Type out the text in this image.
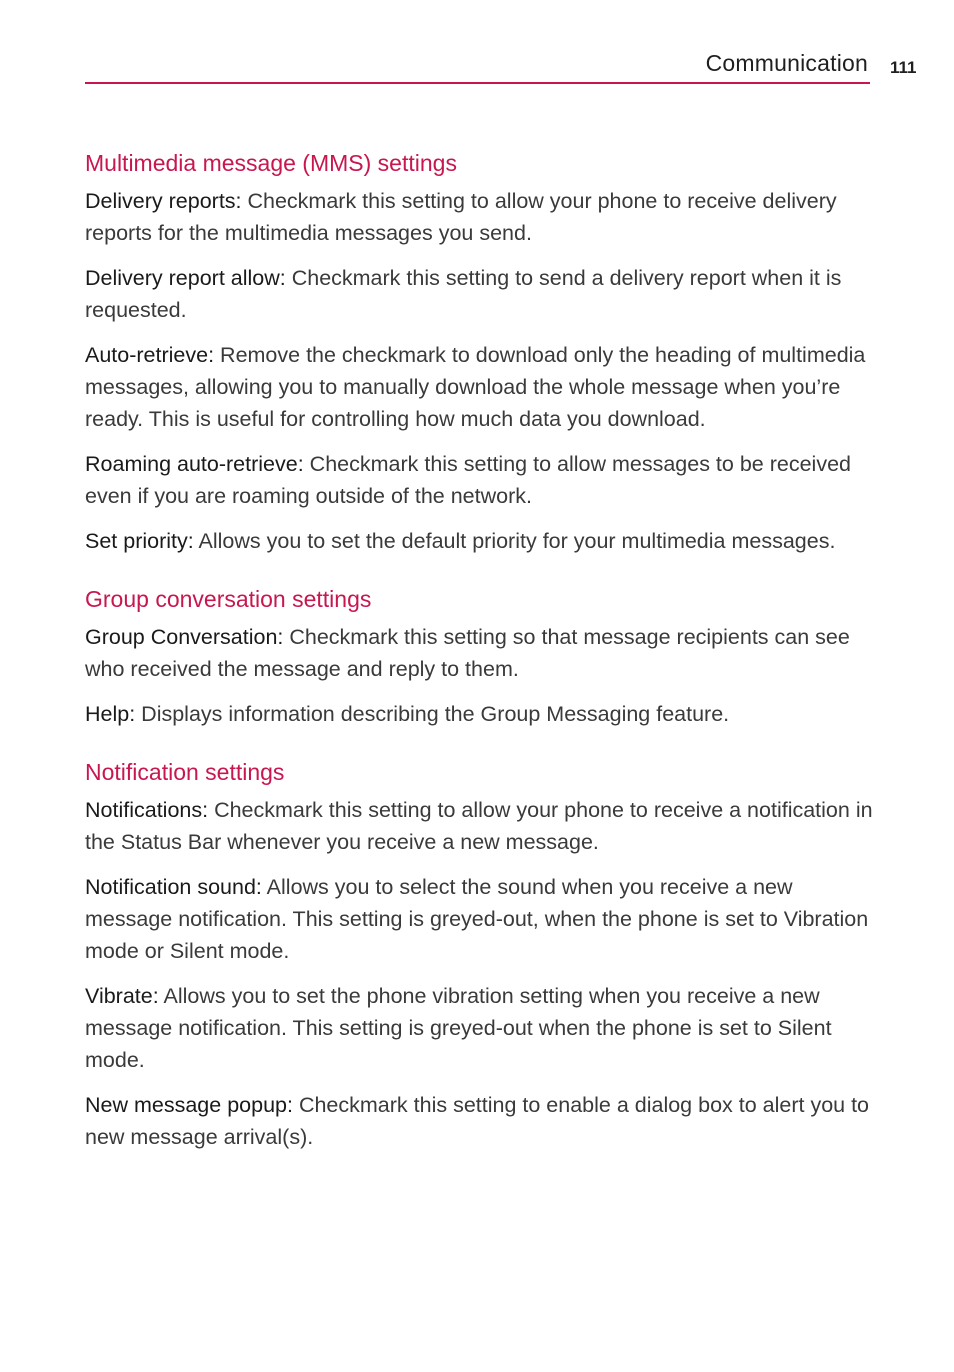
Communication 111
Multimedia message (MMS) settings

Delivery reports: Checkmark this setting to allow your phone to receive delivery reports for the multimedia messages you send.

Delivery report allow: Checkmark this setting to send a delivery report when it is requested.

Auto-retrieve: Remove the checkmark to download only the heading of multimedia messages, allowing you to manually download the whole message when you’re ready. This is useful for controlling how much data you download.

Roaming auto-retrieve: Checkmark this setting to allow messages to be received even if you are roaming outside of the network.

Set priority: Allows you to set the default priority for your multimedia messages.

Group conversation settings

Group Conversation: Checkmark this setting so that message recipients can see who received the message and reply to them.

Help: Displays information describing the Group Messaging feature.

Notification settings

Notifications: Checkmark this setting to allow your phone to receive a notification in the Status Bar whenever you receive a new message.

Notification sound: Allows you to select the sound when you receive a new message notification. This setting is greyed-out, when the phone is set to Vibration mode or Silent mode.

Vibrate: Allows you to set the phone vibration setting when you receive a new message notification. This setting is greyed-out when the phone is set to Silent mode.

New message popup: Checkmark this setting to enable a dialog box to alert you to new message arrival(s).
